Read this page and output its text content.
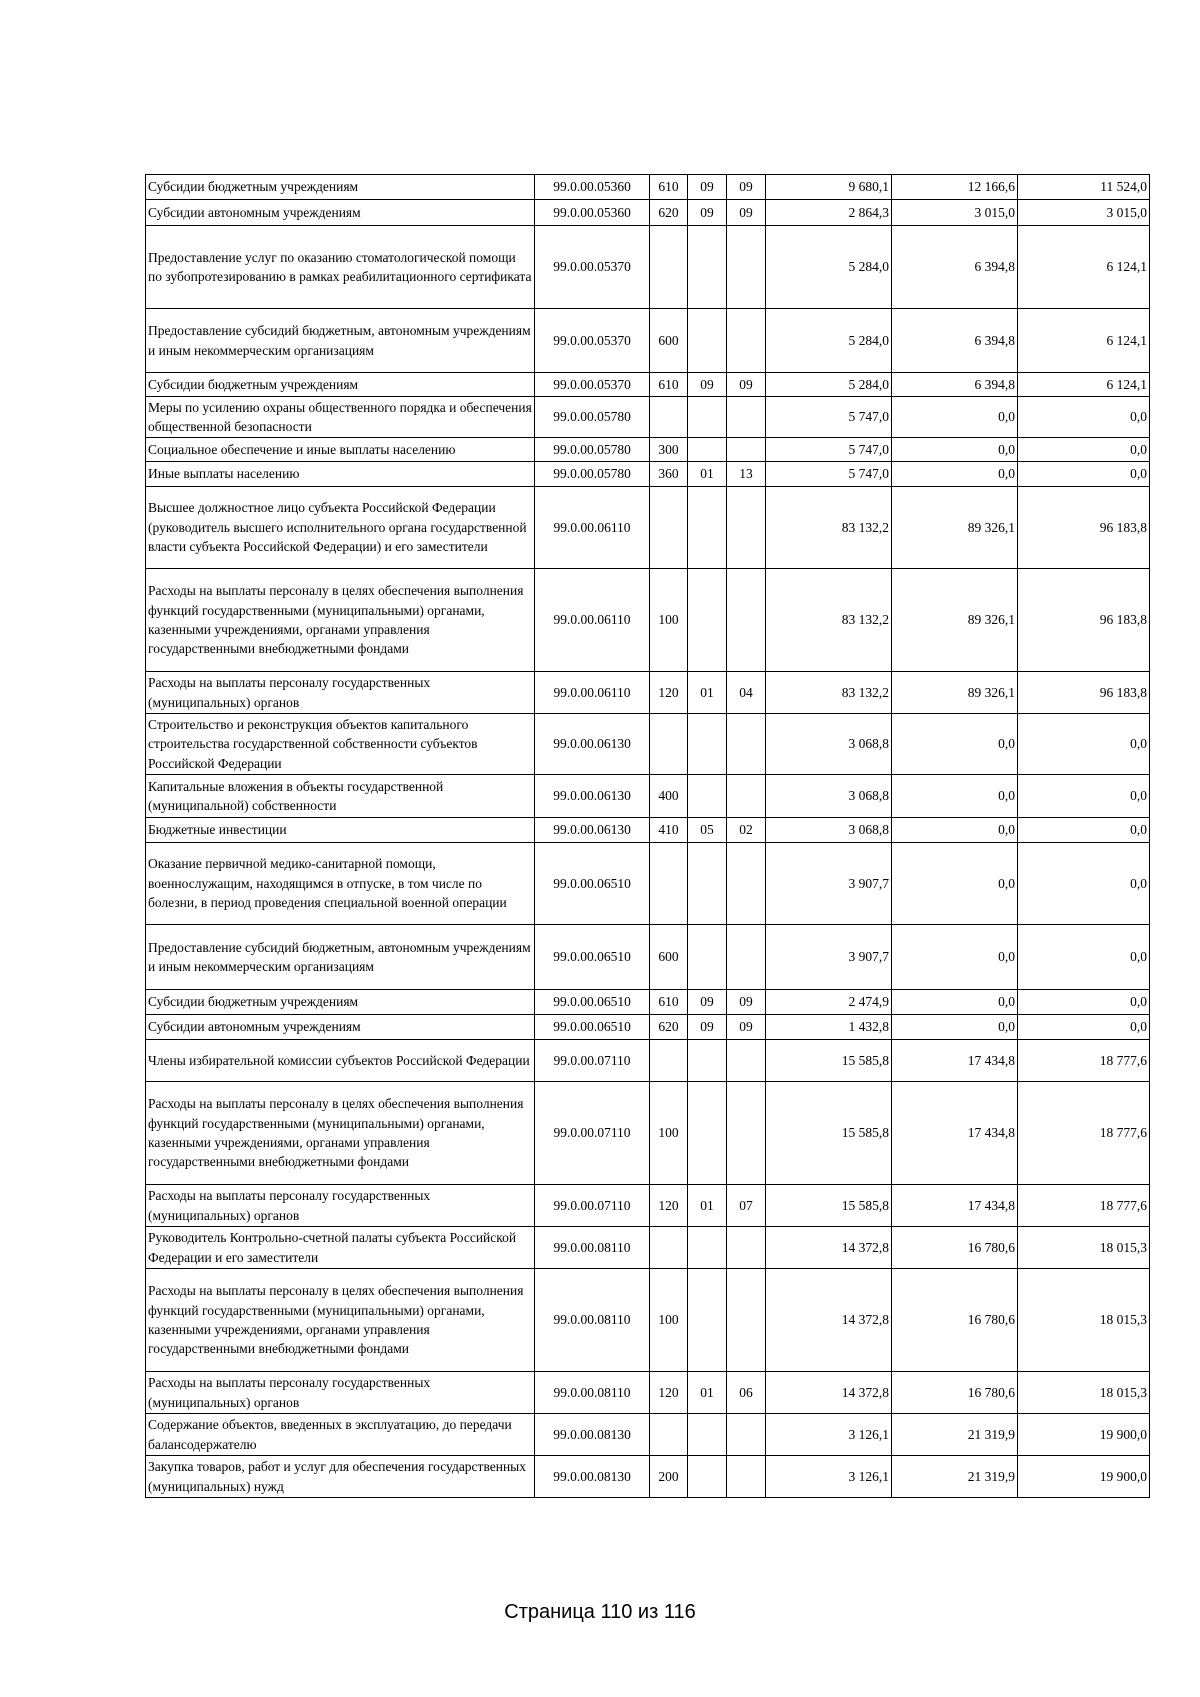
Субсидии бюджетным учреждениям	99.0.00.05360	610	09	09	9 680,1	12 166,6	11 524,0
Субсидии автономным учреждениям	99.0.00.05360	620	09	09	2 864,3	3 015,0	3 015,0
Предоставление услуг по оказанию стоматологической помощи по зубопротезированию в рамках реабилитационного сертификата	99.0.00.05370				5 284,0	6 394,8	6 124,1
Предоставление субсидий бюджетным, автономным учреждениям и иным некоммерческим организациям	99.0.00.05370	600			5 284,0	6 394,8	6 124,1
Субсидии бюджетным учреждениям	99.0.00.05370	610	09	09	5 284,0	6 394,8	6 124,1
Меры по усилению охраны общественного порядка и обеспечения общественной безопасности	99.0.00.05780				5 747,0	0,0	0,0
Социальное обеспечение и иные выплаты населению	99.0.00.05780	300			5 747,0	0,0	0,0
Иные выплаты населению	99.0.00.05780	360	01	13	5 747,0	0,0	0,0
Высшее должностное лицо субъекта Российской Федерации (руководитель высшего исполнительного органа государственной власти субъекта Российской Федерации) и его заместители	99.0.00.06110				83 132,2	89 326,1	96 183,8
Расходы на выплаты персоналу в целях обеспечения выполнения функций государственными (муниципальными) органами, казенными учреждениями, органами управления государственными внебюджетными фондами	99.0.00.06110	100			83 132,2	89 326,1	96 183,8
Расходы на выплаты персоналу государственных (муниципальных) органов	99.0.00.06110	120	01	04	83 132,2	89 326,1	96 183,8
Строительство и реконструкция объектов капитального строительства государственной собственности субъектов Российской Федерации	99.0.00.06130				3 068,8	0,0	0,0
Капитальные вложения в объекты государственной (муниципальной) собственности	99.0.00.06130	400			3 068,8	0,0	0,0
Бюджетные инвестиции	99.0.00.06130	410	05	02	3 068,8	0,0	0,0
Оказание первичной медико-санитарной помощи, военнослужащим, находящимся в отпуске, в том числе по болезни, в период проведения специальной военной операции	99.0.00.06510				3 907,7	0,0	0,0
Предоставление субсидий бюджетным, автономным учреждениям и иным некоммерческим организациям	99.0.00.06510	600			3 907,7	0,0	0,0
Субсидии бюджетным учреждениям	99.0.00.06510	610	09	09	2 474,9	0,0	0,0
Субсидии автономным учреждениям	99.0.00.06510	620	09	09	1 432,8	0,0	0,0
Члены избирательной комиссии субъектов Российской Федерации	99.0.00.07110				15 585,8	17 434,8	18 777,6
Расходы на выплаты персоналу в целях обеспечения выполнения функций государственными (муниципальными) органами, казенными учреждениями, органами управления государственными внебюджетными фондами	99.0.00.07110	100			15 585,8	17 434,8	18 777,6
Расходы на выплаты персоналу государственных (муниципальных) органов	99.0.00.07110	120	01	07	15 585,8	17 434,8	18 777,6
Руководитель Контрольно-счетной палаты субъекта Российской Федерации и его заместители	99.0.00.08110				14 372,8	16 780,6	18 015,3
Расходы на выплаты персоналу в целях обеспечения выполнения функций государственными (муниципальными) органами, казенными учреждениями, органами управления государственными внебюджетными фондами	99.0.00.08110	100			14 372,8	16 780,6	18 015,3
Расходы на выплаты персоналу государственных (муниципальных) органов	99.0.00.08110	120	01	06	14 372,8	16 780,6	18 015,3
Содержание объектов, введенных в эксплуатацию, до передачи балансодержателю	99.0.00.08130				3 126,1	21 319,9	19 900,0
Закупка товаров, работ и услуг для обеспечения государственных (муниципальных) нужд	99.0.00.08130	200			3 126,1	21 319,9	19 900,0
Страница 110 из 116
